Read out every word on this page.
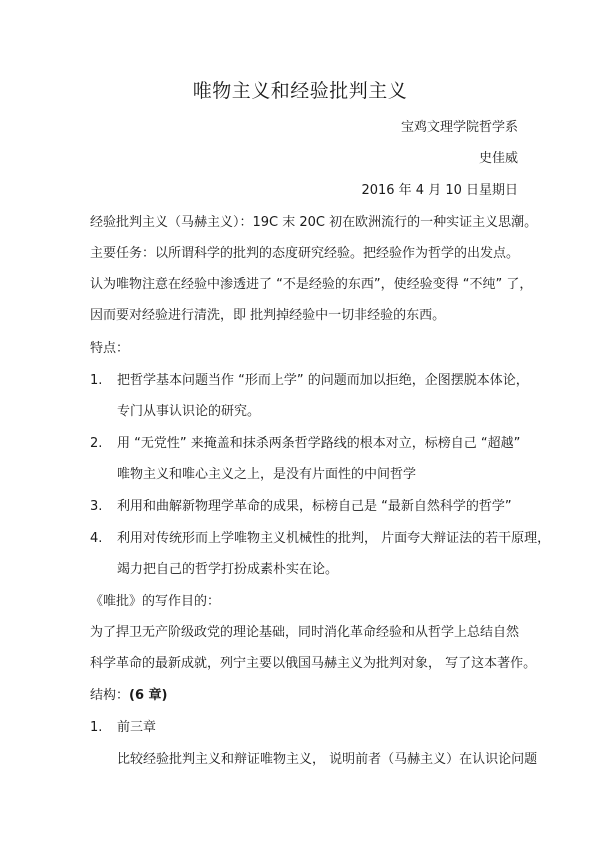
唯物主义和经验批判主义
宝鸡文理学院哲学系
史佳威
2016 年 4 月 10 日星期日
经验批判主义（马赫主义）：19C 末 20C 初在欧洲流行的一种实证主义思潮。
主要任务：以所谓科学的批判的态度研究经验。把经验作为哲学的出发点。
认为唯物注意在经验中渗透进了 “不是经验的东西”，使经验变得 “不纯” 了，
因而要对经验进行清洗，即 批判掉经验中一切非经验的东西。
特点：
1. 把哲学基本问题当作 “形而上学” 的问题而加以拒绝，企图摆脱本体论，
专门从事认识论的研究。
2. 用 “无党性” 来掩盖和抹杀两条哲学路线的根本对立，标榜自己 “超越”
唯物主义和唯心主义之上，是没有片面性的中间哲学
3. 利用和曲解新物理学革命的成果，标榜自己是 “最新自然科学的哲学”
4. 利用对传统形而上学唯物主义机械性的批判， 片面夸大辩证法的若干原理，
竭力把自己的哲学打扮成素朴实在论。
《唯批》的写作目的：
为了捍卫无产阶级政党的理论基础，同时消化革命经验和从哲学上总结自然
科学革命的最新成就，列宁主要以俄国马赫主义为批判对象， 写了这本著作。
结构：(6 章)
1. 前三章
比较经验批判主义和辩证唯物主义， 说明前者（马赫主义）在认识论问题
